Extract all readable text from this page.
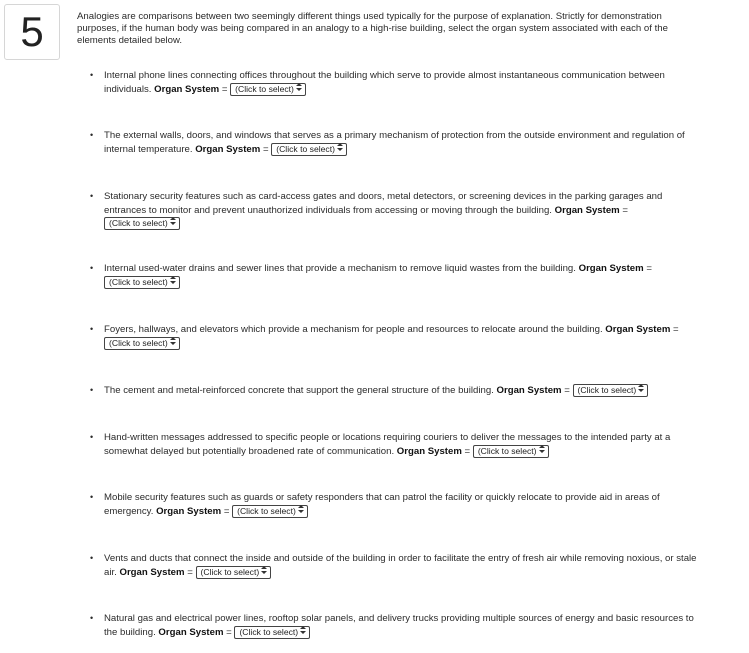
5	Analogies are comparisons between two seemingly different things used typically for the purpose of explanation. Strictly for demonstration purposes, if the human body was being compared in an analogy to a high-rise building, select the organ system associated with each of the elements detailed below.
•	Internal phone lines connecting offices throughout the building which serve to provide almost instantaneous communication between individuals. Organ System = (Click to select)
•	The external walls, doors, and windows that serves as a primary mechanism of protection from the outside environment and regulation of internal temperature. Organ System = (Click to select)
•	Stationary security features such as card-access gates and doors, metal detectors, or screening devices in the parking garages and entrances to monitor and prevent unauthorized individuals from accessing or moving through the building. Organ System = (Click to select)
•	Internal used-water drains and sewer lines that provide a mechanism to remove liquid wastes from the building. Organ System = (Click to select)
•	Foyers, hallways, and elevators which provide a mechanism for people and resources to relocate around the building. Organ System = (Click to select)
•	The cement and metal-reinforced concrete that support the general structure of the building. Organ System = (Click to select)
•	Hand-written messages addressed to specific people or locations requiring couriers to deliver the messages to the intended party at a somewhat delayed but potentially broadened rate of communication. Organ System = (Click to select)
•	Mobile security features such as guards or safety responders that can patrol the facility or quickly relocate to provide aid in areas of emergency. Organ System = (Click to select)
•	Vents and ducts that connect the inside and outside of the building in order to facilitate the entry of fresh air while removing noxious, or stale air. Organ System = (Click to select)
•	Natural gas and electrical power lines, rooftop solar panels, and delivery trucks providing multiple sources of energy and basic resources to the building. Organ System = (Click to select)
